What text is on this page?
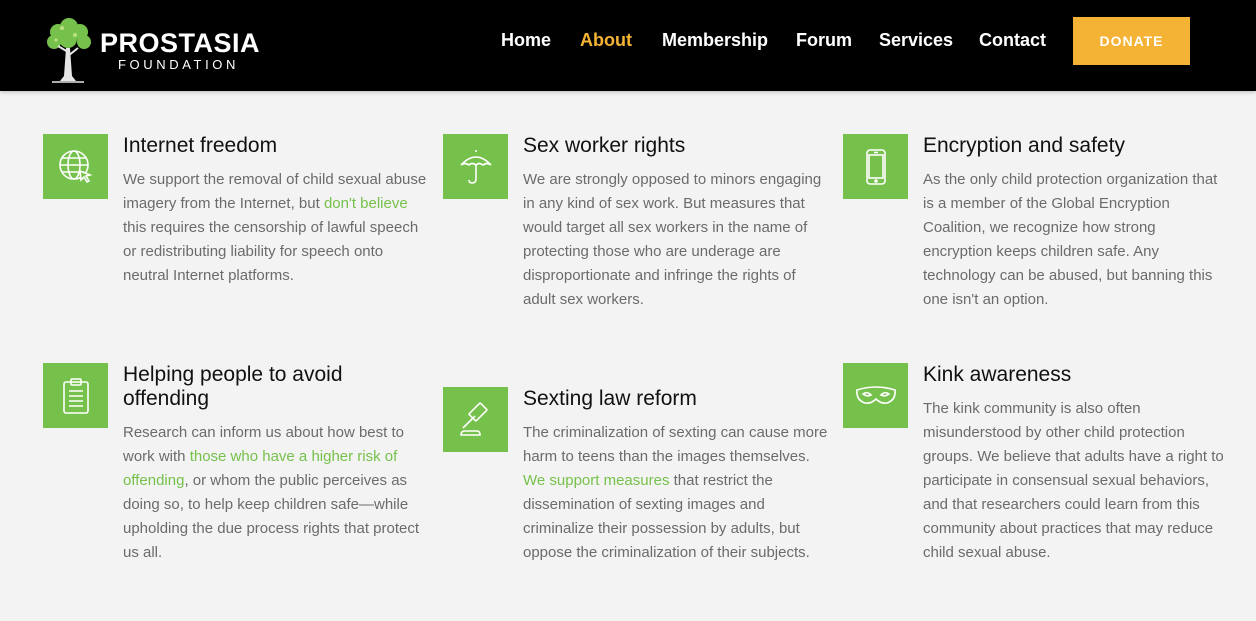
PROSTASIA
FOUNDATION
Home About Membership Forum Services Contact	DONATE
Internet freedom
We support the removal of child sexual abuse imagery from the Internet, but don't believe this requires the censorship of lawful speech or redistributing liability for speech onto neutral Internet platforms.
Sex worker rights
We are strongly opposed to minors engaging in any kind of sex work. But measures that would target all sex workers in the name of protecting those who are underage are disproportionate and infringe the rights of adult sex workers.
Encryption and safety
As the only child protection organization that is a member of the Global Encryption Coalition, we recognize how strong encryption keeps children safe. Any technology can be abused, but banning this one isn't an option.
Helping people to avoid offending
Research can inform us about how best to work with those who have a higher risk of offending, or whom the public perceives as doing so, to help keep children safe—while upholding the due process rights that protect us all.
Sexting law reform
The criminalization of sexting can cause more harm to teens than the images themselves. We support measures that restrict the dissemination of sexting images and criminalize their possession by adults, but oppose the criminalization of their subjects.
Kink awareness
The kink community is also often misunderstood by other child protection groups. We believe that adults have a right to participate in consensual sexual behaviors, and that researchers could learn from this community about practices that may reduce child sexual abuse.
